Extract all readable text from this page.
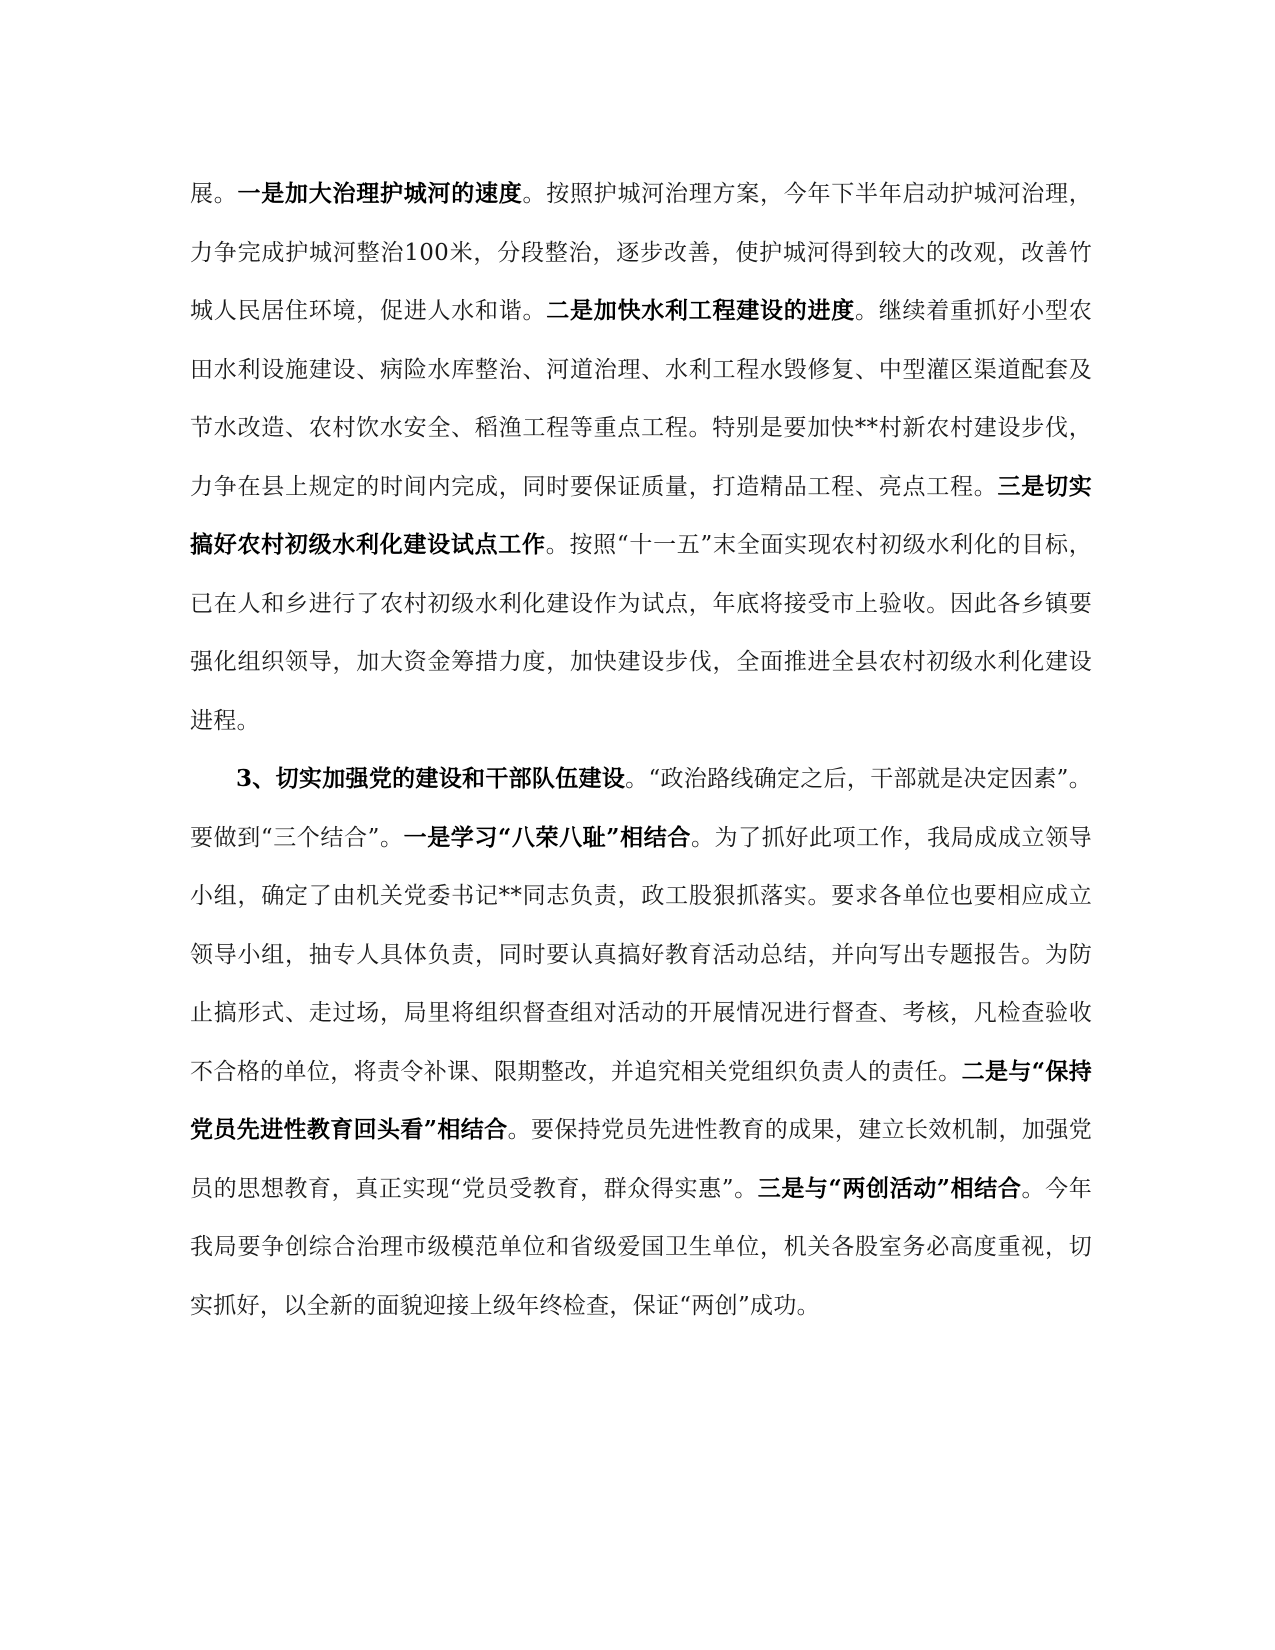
展。一是加大治理护城河的速度。按照护城河治理方案，今年下半年启动护城河治理，力争完成护城河整治100米，分段整治，逐步改善，使护城河得到较大的改观，改善竹城人民居住环境，促进人水和谐。二是加快水利工程建设的进度。继续着重抓好小型农田水利设施建设、病险水库整治、河道治理、水利工程水毁修复、中型灌区渠道配套及节水改造、农村饮水安全、稻渔工程等重点工程。特别是要加快**村新农村建设步伐，力争在县上规定的时间内完成，同时要保证质量，打造精品工程、亮点工程。三是切实搞好农村初级水利化建设试点工作。按照“十一五”末全面实现农村初级水利化的目标，已在人和乡进行了农村初级水利化建设作为试点，年底将接受市上验收。因此各乡镇要强化组织领导，加大资金筹措力度，加快建设步伐，全面推进全县农村初级水利化建设进程。

3、切实加强党的建设和干部队伍建设。“政治路线确定之后，干部就是决定因素”。要做到“三个结合”。一是学习“八荣八耻”相结合。为了抓好此项工作，我局成成立领导小组，确定了由机关党委书记**同志负责，政工股狠抓落实。要求各单位也要相应成立领导小组，抽专人具体负责，同时要认真搞好教育活动总结，并向写出专题报告。为防止搞形式、走过场，局里将组织督查组对活动的开展情况进行督查、考核，凡检查验收不合格的单位，将责令补课、限期整改，并追究相关党组织负责人的责任。二是与“保持党员先进性教育回头看”相结合。要保持党员先进性教育的成果，建立长效机制，加强党员的思想教育，真正实现“党员受教育，群众得实惠”。三是与“两创活动”相结合。今年我局要争创综合治理市级模范单位和省级爱国卫生单位，机关各股室务必高度重视，切实抓好，以全新的面貌迎接上级年终检查，保证“两创”成功。
